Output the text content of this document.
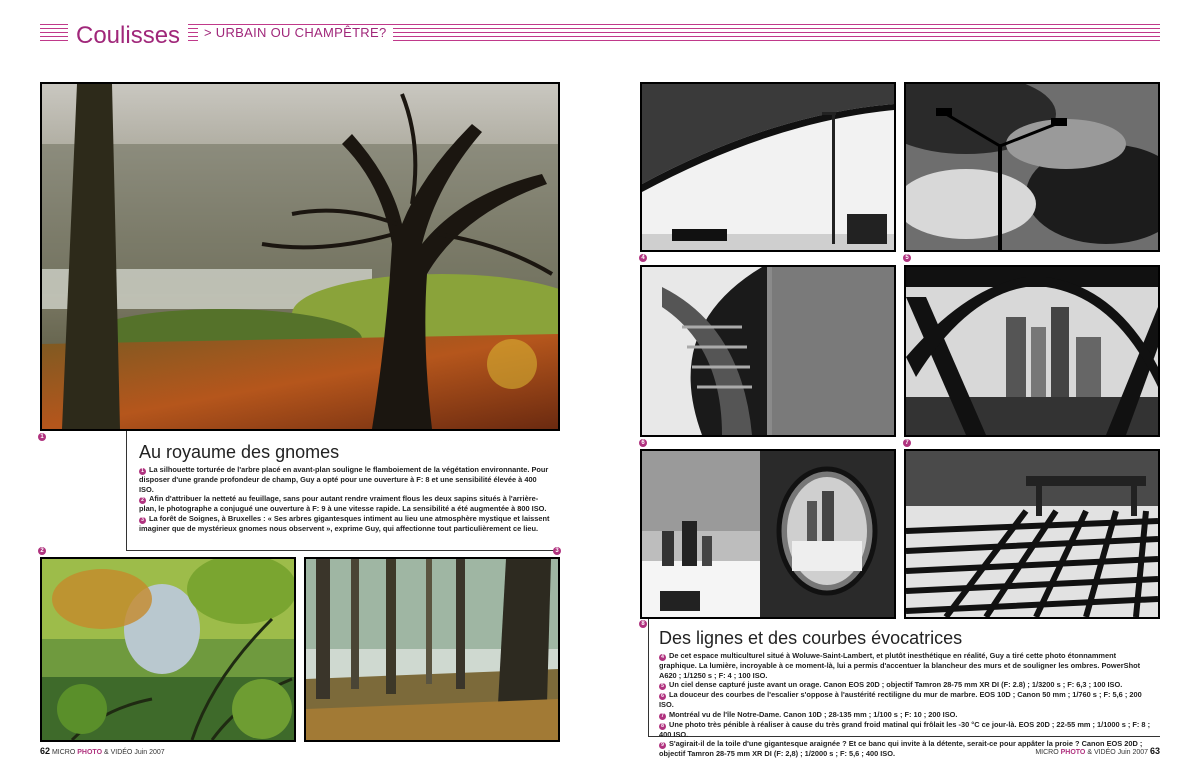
Coulisses	> URBAIN OU CHAMPÊTRE?
1
Au royaume des gnomes

1 La silhouette torturée de l'arbre placé en avant-plan souligne le flamboiement de la végétation environnante. Pour disposer d'une grande profondeur de champ, Guy a opté pour une ouverture à F: 8 et une sensibilité élevée à 400 ISO.

2 Afin d'attribuer la netteté au feuillage, sans pour autant rendre vraiment flous les deux sapins situés à l'arrière-plan, le photographe a conjugué une ouverture à F: 9 à une vitesse rapide. La sensibilité a été augmentée à 800 ISO.

3 La forêt de Soignes, à Bruxelles : « Ses arbres gigantesques intiment au lieu une atmosphère mystique et laissent imaginer que de mystérieux gnomes nous observent », exprime Guy, qui affectionne tout particulièrement ce lieu.

2	3
4	5
6	7
8
Des lignes et des courbes évocatrices

4 De cet espace multiculturel situé à Woluwe-Saint-Lambert, et plutôt inesthétique en réalité, Guy a tiré cette photo étonnamment graphique. La lumière, incroyable à ce moment-là, lui a permis d'accentuer la blancheur des murs et de souligner les ombres. PowerShot A620 ; 1/1250 s ; F: 4 ; 100 ISO.

5 Un ciel dense capturé juste avant un orage. Canon EOS 20D ; objectif Tamron 28-75 mm XR DI (F: 2.8) ; 1/3200 s ; F: 6,3 ; 100 ISO.

6 La douceur des courbes de l'escalier s'oppose à l'austérité rectiligne du mur de marbre. EOS 10D ; Canon 50 mm ; 1/760 s ; F: 5,6 ; 200 ISO.

7 Montréal vu de l'île Notre-Dame. Canon 10D ; 28-135 mm ; 1/100 s ; F: 10 ; 200 ISO.

8 Une photo très pénible à réaliser à cause du très grand froid matinal qui frôlait les -30 °C ce jour-là. EOS 20D ; 22-55 mm ; 1/1000 s ; F: 8 ; 400 ISO.

9 S'agirait-il de la toile d'une gigantesque araignée ? Et ce banc qui invite à la détente, serait-ce pour appâter la proie ? Canon EOS 20D ; objectif Tamron 28-75 mm XR DI (F: 2,8) ; 1/2000 s ; F: 5,6 ; 400 ISO.

62 MICRO PHOTO & VIDÉO Juin 2007	MICRO PHOTO & VIDÉO Juin 2007 63
